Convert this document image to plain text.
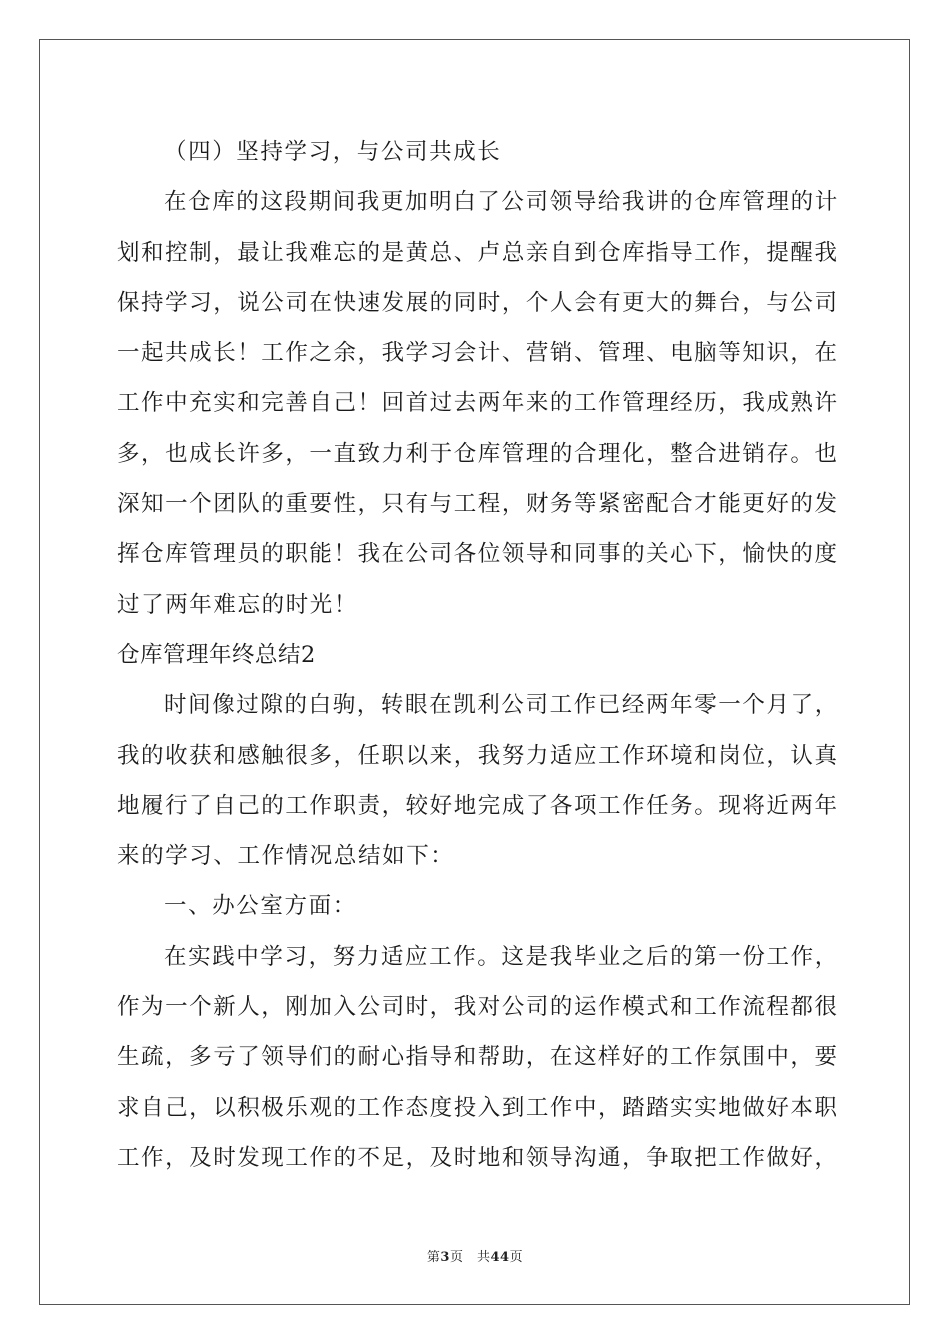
（四）坚持学习，与公司共成长
在仓库的这段期间我更加明白了公司领导给我讲的仓库管理的计
划和控制，最让我难忘的是黄总、卢总亲自到仓库指导工作，提醒我
保持学习，说公司在快速发展的同时，个人会有更大的舞台，与公司
一起共成长！工作之余，我学习会计、营销、管理、电脑等知识，在
工作中充实和完善自己！回首过去两年来的工作管理经历，我成熟许
多，也成长许多，一直致力利于仓库管理的合理化，整合进销存。也
深知一个团队的重要性，只有与工程，财务等紧密配合才能更好的发
挥仓库管理员的职能！我在公司各位领导和同事的关心下，愉快的度
过了两年难忘的时光！
仓库管理年终总结2
时间像过隙的白驹，转眼在凯利公司工作已经两年零一个月了，
我的收获和感触很多，任职以来，我努力适应工作环境和岗位，认真
地履行了自己的工作职责，较好地完成了各项工作任务。现将近两年
来的学习、工作情况总结如下：
一、办公室方面：
在实践中学习，努力适应工作。这是我毕业之后的第一份工作，
作为一个新人，刚加入公司时，我对公司的运作模式和工作流程都很
生疏，多亏了领导们的耐心指导和帮助，在这样好的工作氛围中，要
求自己，以积极乐观的工作态度投入到工作中，踏踏实实地做好本职
工作，及时发现工作的不足，及时地和领导沟通，争取把工作做好，
第3页　共44页
